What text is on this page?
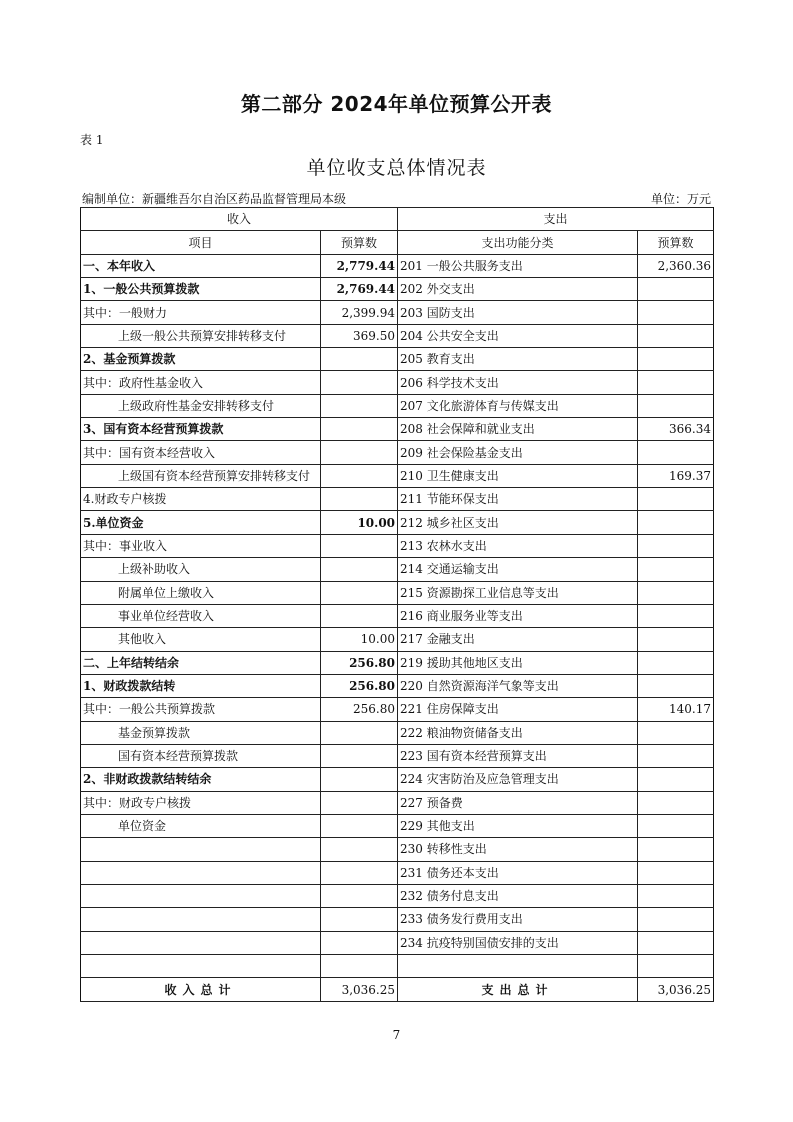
第二部分 2024年单位预算公开表
表 1
单位收支总体情况表
编制单位：新疆维吾尔自治区药品监督管理局本级	单位：万元
收入		支出	
项目	预算数	支出功能分类	预算数
一、本年收入	2,779.44	201 一般公共服务支出	2,360.36
1、一般公共预算拨款	2,769.44	202 外交支出	
其中：一般财力	2,399.94	203 国防支出	
上级一般公共预算安排转移支付	369.50	204 公共安全支出	
2、基金预算拨款		205 教育支出	
其中：政府性基金收入		206 科学技术支出	
上级政府性基金安排转移支付		207 文化旅游体育与传媒支出	
3、国有资本经营预算拨款		208 社会保障和就业支出	366.34
其中：国有资本经营收入		209 社会保险基金支出	
上级国有资本经营预算安排转移支付		210 卫生健康支出	169.37
4.财政专户核拨		211 节能环保支出	
5.单位资金	10.00	212 城乡社区支出	
其中：事业收入		213 农林水支出	
上级补助收入		214 交通运输支出	
附属单位上缴收入		215 资源勘探工业信息等支出	
事业单位经营收入		216 商业服务业等支出	
其他收入	10.00	217 金融支出	
二、上年结转结余	256.80	219 援助其他地区支出	
1、财政拨款结转	256.80	220 自然资源海洋气象等支出	
其中：一般公共预算拨款	256.80	221 住房保障支出	140.17
基金预算拨款		222 粮油物资储备支出	
国有资本经营预算拨款		223 国有资本经营预算支出	
2、非财政拨款结转结余		224 灾害防治及应急管理支出	
其中：财政专户核拨		227 预备费	
单位资金		229 其他支出	
		230 转移性支出	
		231 债务还本支出	
		232 债务付息支出	
		233 债务发行费用支出	
		234 抗疫特别国债安排的支出	

收入总计	3,036.25	支出总计	3,036.25
7
